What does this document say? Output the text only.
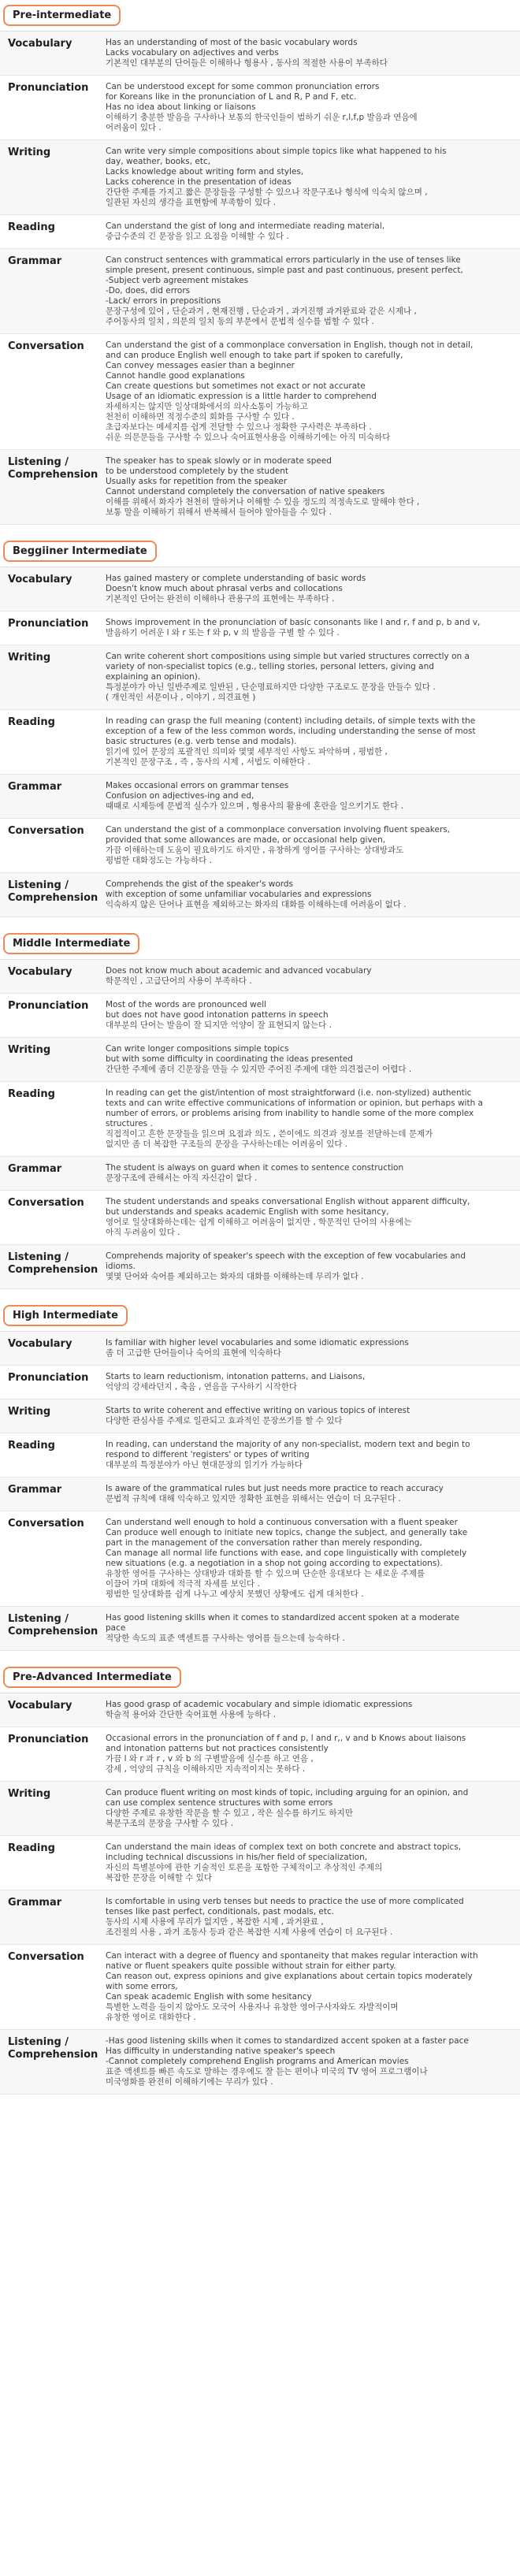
Pre-intermediate
Vocabulary	Has an understanding of most of the basic vocabulary words
Lacks vocabulary on adjectives and verbs
기본적인 대부분의 단어들은 이해하나 형용사 , 동사의 적절한 사용이 부족하다
Pronunciation	Can be understood except for some common pronunciation errors
for Koreans like in the pronunciation of L and R, P and F, etc.
Has no idea about linking or liaisons
이해하기 충분한 발음을 구사하나 보통의 한국인들이 범하기 쉬운 r,l,f,p 발음과 연음에
어려움이 있다 .
Writing	Can write very simple compositions about simple topics like what happened to his
day, weather, books, etc,
Lacks knowledge about writing form and styles,
Lacks coherence in the presentation of ideas
간단한 주제를 가지고 짧은 문장들을 구성할 수 있으나 작문구조나 형식에 익숙치 않으며 ,
일관된 자신의 생각을 표현함에 부족함이 있다 .
Reading	Can understand the gist of long and intermediate reading material,
중급수준의 긴 문장을 읽고 요점을 이해할 수 있다 .
Grammar	Can construct sentences with grammatical errors particularly in the use of tenses like
simple present, present continuous, simple past and past continuous, present perfect,
-Subject verb agreement mistakes
-Do, does, did errors
-Lack/ errors in prepositions
문장구성에 있어 , 단순과거 , 현재진행 , 단순과거 , 과거진행 과거완료와 같은 시제나 ,
주어동사의 일치 , 의문의 일치 동의 부문에서 문법적 실수를 범할 수 있다 .
Conversation	Can understand the gist of a commonplace conversation in English, though not in detail,
and can produce English well enough to take part if spoken to carefully,
Can convey messages easier than a beginner
Cannot handle good explanations
Can create questions but sometimes not exact or not accurate
Usage of an idiomatic expression is a little harder to comprehend
자세하지는 않지만 일상대화에서의 의사소통이 가능하고
천천히 이해하면 적정수준의 회화를 구사할 수 있다 .
초급자보다는 메세지를 쉽게 전달할 수 있으나 정확한 구사력은 부족하다 .
쉬운 의문문들을 구사할 수 있으나 숙어표현사용을 이해하기에는 아직 미숙하다
Listening / Comprehension
The speaker has to speak slowly or in moderate speed
to be understood completely by the student
Usually asks for repetition from the speaker
Cannot understand completely the conversation of native speakers
이해를 위해서 화자가 천천히 말하거나 이해할 수 있을 정도의 적정속도로 말해야 한다 ,
보통 말을 이해하기 위해서 반복해서 들어야 알아들을 수 있다 .
Beggiiner Intermediate
Vocabulary	Has gained mastery or complete understanding of basic words
Doesn't know much about phrasal verbs and collocations
기본적인 단어는 완전히 이해하나 관용구의 표현에는 부족하다 .
Pronunciation	Shows improvement in the pronunciation of basic consonants like l and r, f and p, b and v,
발음하기 어려운 l 와 r 또는 f 와 p, v 의 발음을 구별 할 수 있다 .
Writing	Can write coherent short compositions using simple but varied structures correctly on a
variety of non-specialist topics (e.g., telling stories, personal letters, giving and
explaining an opinion).
특정분야가 아닌 일반주제로 일반된 , 단순명료하지만 다양한 구조로도 문장을 만들수 있다 .
( 개인적인 서문이나 , 이야기 , 의견표현 )
Reading	In reading can grasp the full meaning (content) including details, of simple texts with the
exception of a few of the less common words, including understanding the sense of most
basic structures (e.g. verb tense and modals).
읽기에 있어 문장의 포괄적인 의미와 몇몇 세부적인 사항도 파악하며 , 평범한 ,
기본적인 문장구조 , 즉 , 동사의 시제 , 서법도 이해한다 .
Grammar	Makes occasional errors on grammar tenses
Confusion on adjectives-ing and ed,
때때로 시제등에 문법적 실수가 있으며 , 형용사의 활용에 혼란을 일으키기도 한다 .
Conversation	Can understand the gist of a commonplace conversation involving fluent speakers,
provided that some allowances are made, or occasional help given,
가끔 이해하는데 도움이 필요하기도 하지만 , 유창하게 영어를 구사하는 상대방과도
평범한 대화정도는 가능하다 .
Listening / Comprehension
Comprehends the gist of the speaker's words
with exception of some unfamiliar vocabularies and expressions
익숙하지 않은 단어나 표현을 제외하고는 화자의 대화를 이해하는데 어려움이 없다 .
Middle Intermediate
Vocabulary	Does not know much about academic and advanced vocabulary
학문적인 , 고급단어의 사용이 부족하다 .
Pronunciation	Most of the words are pronounced well
but does not have good intonation patterns in speech
대부분의 단어는 발음이 잘 되지만 억양이 잘 표현되지 않는다 .
Writing	Can write longer compositions simple topics
but with some difficulty in coordinating the ideas presented
간단한 주제에 좀더 긴문장을 만들 수 있지만 주어진 주제에 대한 의견접근이 어렵다 .
Reading	In reading can get the gist/intention of most straightforward (i.e. non-stylized) authentic
texts and can write effective communications of information or opinion, but perhaps with a
number of errors, or problems arising from inability to handle some of the more complex
structures .
직접적이고 흔한 문장들을 읽으며 요점과 의도 , 쓴이에도 의견과 정보를 전달하는데 문제가
없지만 좀 더 복잡한 구조들의 문장을 구사하는데는 어려움이 있다 .
Grammar	The student is always on guard when it comes to sentence construction
문장구조에 관해서는 아직 자신감이 없다 .
Conversation	The student understands and speaks conversational English without apparent difficulty,
but understands and speaks academic English with some hesitancy,
영어로 일상대화하는데는 쉽게 이해하고 어려움이 없지만 , 학문적인 단어의 사용에는
아직 두려움이 있다 .
Listening / Comprehension
Comprehends majority of speaker's speech with the exception of few vocabularies and
idioms.
몇몇 단어와 숙어를 제외하고는 화자의 대화를 이해하는데 무리가 없다 .
High Intermediate
Vocabulary	Is familiar with higher level vocabularies and some idiomatic expressions
좀 더 고급한 단어들이나 숙어의 표현에 익숙하다
Pronunciation	Starts to learn reductionism, intonation patterns, and Liaisons,
억양의 강세라던지 , 축음 , 연음을 구사하기 시작한다
Writing	Starts to write coherent and effective writing on various topics of interest
다양한 관심사를 주제로 일관되고 효과적인 문장쓰기를 할 수 있다
Reading	In reading, can understand the majority of any non-specialist, modern text and begin to
respond to different 'registers' or types of writing
대부분의 특정분야가 아닌 현대문장의 읽기가 가능하다
Grammar	Is aware of the grammatical rules but just needs more practice to reach accuracy
문법적 규칙에 대해 익숙하고 있지만 정확한 표현을 위해서는 연습이 더 요구된다 .
Conversation	Can understand well enough to hold a continuous conversation with a fluent speaker
Can produce well enough to initiate new topics, change the subject, and generally take
part in the management of the conversation rather than merely responding,
Can manage all normal life functions with ease, and cope linguistically with completely
new situations (e.g. a negotiation in a shop not going according to expectations).
유창한 영어를 구사하는 상대방과 대화를 할 수 있으며 단순한 응대보다 는 새로운 주제를
이끌어 가며 대화에 적극적 자세를 보인다 .
평범한 일상대화를 쉽게 나누고 예상치 못했던 상황에도 쉽게 대처한다 .
Listening / Comprehension
Has good listening skills when it comes to standardized accent spoken at a moderate
pace
적당한 속도의 표준 액센트를 구사하는 영어를 들으는데 능숙하다 .
Pre-Advanced Intermediate
Vocabulary	Has good grasp of academic vocabulary and simple idiomatic expressions
학술적 용어와 간단한 숙어표현 사용에 능하다 .
Pronunciation	Occasional errors in the pronunciation of f and p, l and r,, v and b Knows about liaisons
and intonation patterns but not practices consistently
가끔 l 와 r 과 r , v 와 b 의 구별발음에 실수를 하고 연음 ,
강세 , 억양의 규칙을 이해하지만 지속적이지는 못하다 .
Writing	Can produce fluent writing on most kinds of topic, including arguing for an opinion, and
can use complex sentence structures with some errors
다양한 주제로 유창한 작문을 할 수 있고 , 작은 실수를 하기도 하지만
복문구조의 문장을 구사할 수 있다 .
Reading	Can understand the main ideas of complex text on both concrete and abstract topics,
including technical discussions in his/her field of specialization,
자신의 특별분야에 관한 기술적인 토론을 포함한 구체적이고 추상적인 주제의
복잡한 문장을 이해할 수 있다
Grammar	Is comfortable in using verb tenses but needs to practice the use of more complicated
tenses like past perfect, conditionals, past modals, etc.
동사의 시제 사용에 무리가 없지만 , 복잡한 시제 , 과거완료 ,
조건절의 사용 , 과거 조동사 등과 같은 복잡한 시제 사용에 연습이 더 요구된다 .
Conversation	Can interact with a degree of fluency and spontaneity that makes regular interaction with
native or fluent speakers quite possible without strain for either party.
Can reason out, express opinions and give explanations about certain topics moderately
with some errors,
Can speak academic English with some hesitancy
특별한 노력을 들이지 않아도 모국어 사용자나 유창한 영어구사자와도 자발적이며
유창한 영어로 대화한다 .
Listening / Comprehension
-Has good listening skills when it comes to standardized accent spoken at a faster pace
Has difficulty in understanding native speaker's speech
-Cannot completely comprehend English programs and American movies
표준 액센트를 빠른 속도로 말하는 경우에도 잘 듣는 편이나 미국의 TV 영어 프로그램이나
미국영화를 완전히 이해하기에는 무리가 있다 .
